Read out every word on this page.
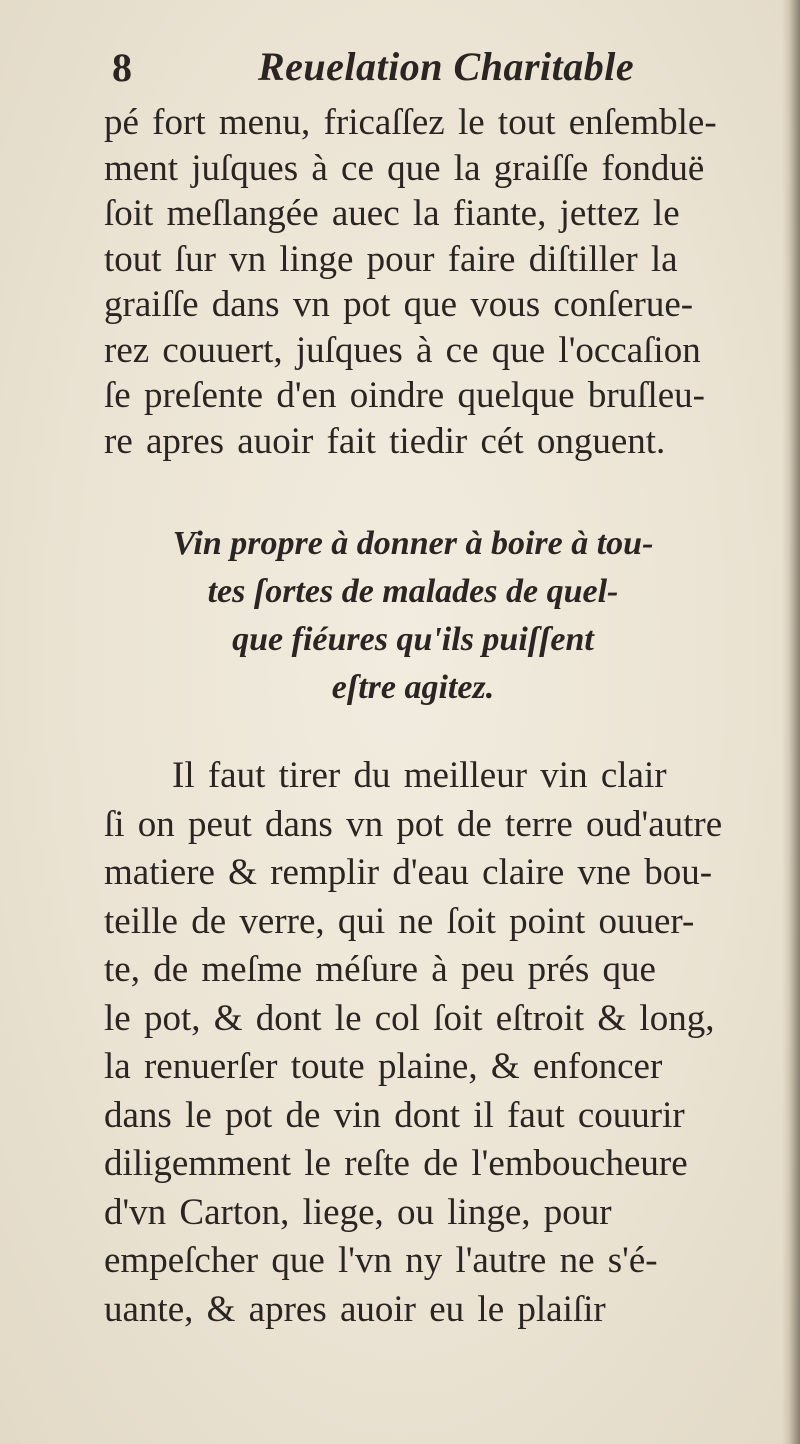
8	Reuelation Charitable
pé fort menu, fricaſſez le tout enſemble-
ment juſques à ce que la graiſſe fonduë
ſoit meſlangée auec la fiante, jettez le
tout ſur vn linge pour faire diſtiller la
graiſſe dans vn pot que vous conſerue-
rez couuert, juſques à ce que l'occaſion
ſe preſente d'en oindre quelque bruſleu-
re apres auoir fait tiedir cét onguent.
Vin propre à donner à boire à tou-
tes ſortes de malades de quel-
que fiéures qu'ils puiſſent
eſtre agitez.
Il faut tirer du meilleur vin clair
ſi on peut dans vn pot de terre oud'autre
matiere & remplir d'eau claire vne bou-
teille de verre, qui ne ſoit point ouuer-
te, de meſme méſure à peu prés que
le pot, & dont le col ſoit eſtroit & long,
la renuerſer toute plaine, & enfoncer
dans le pot de vin dont il faut couurir
diligemment le reſte de l'emboucheure
d'vn Carton, liege, ou linge, pour
empeſcher que l'vn ny l'autre ne s'é-
uante, & apres auoir eu le plaiſir
